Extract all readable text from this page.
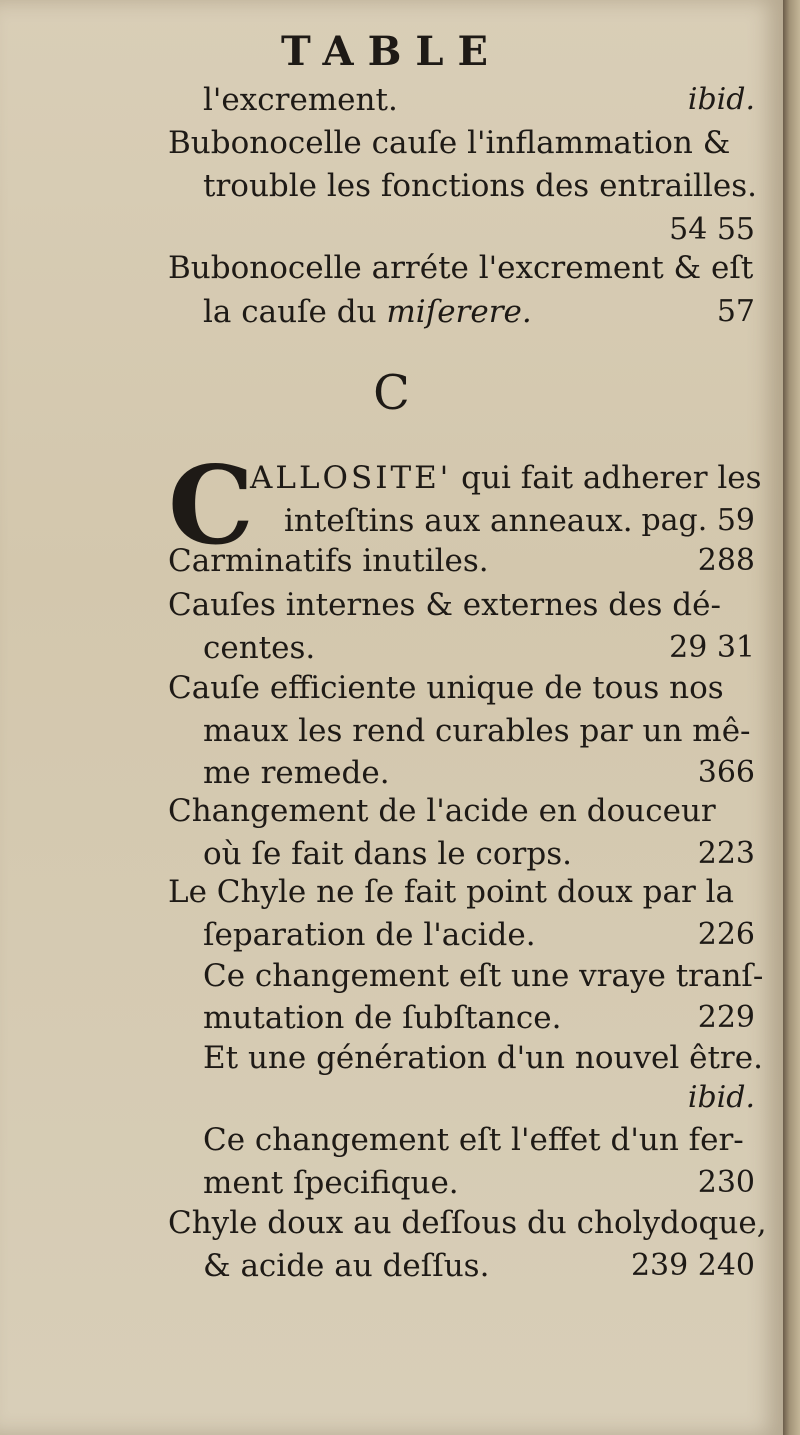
TABLE
l'excrement.	ibid.
Bubonocelle cauſe l'inflammation &
trouble les fonctions des entrailles.
54 55
Bubonocelle arréte l'excrement & eſt
la cauſe du miſerere.	57
C
C
ALLOSITE' qui fait adherer les
inteſtins aux anneaux. pag. 59
Carminatifs inutiles.	288
Cauſes internes & externes des dé-
centes.	29 31
Cauſe efficiente unique de tous nos
maux les rend curables par un mê-
me remede.	366
Changement de l'acide en douceur
où ſe fait dans le corps.	223
Le Chyle ne ſe fait point doux par la
ſeparation de l'acide.	226
Ce changement eſt une vraye tranſ-
mutation de ſubſtance.	229
Et une génération d'un nouvel être.
ibid.
Ce changement eſt l'effet d'un fer-
ment ſpecifique.	230
Chyle doux au deſſous du cholydoque,
& acide au deſſus.	239 240
